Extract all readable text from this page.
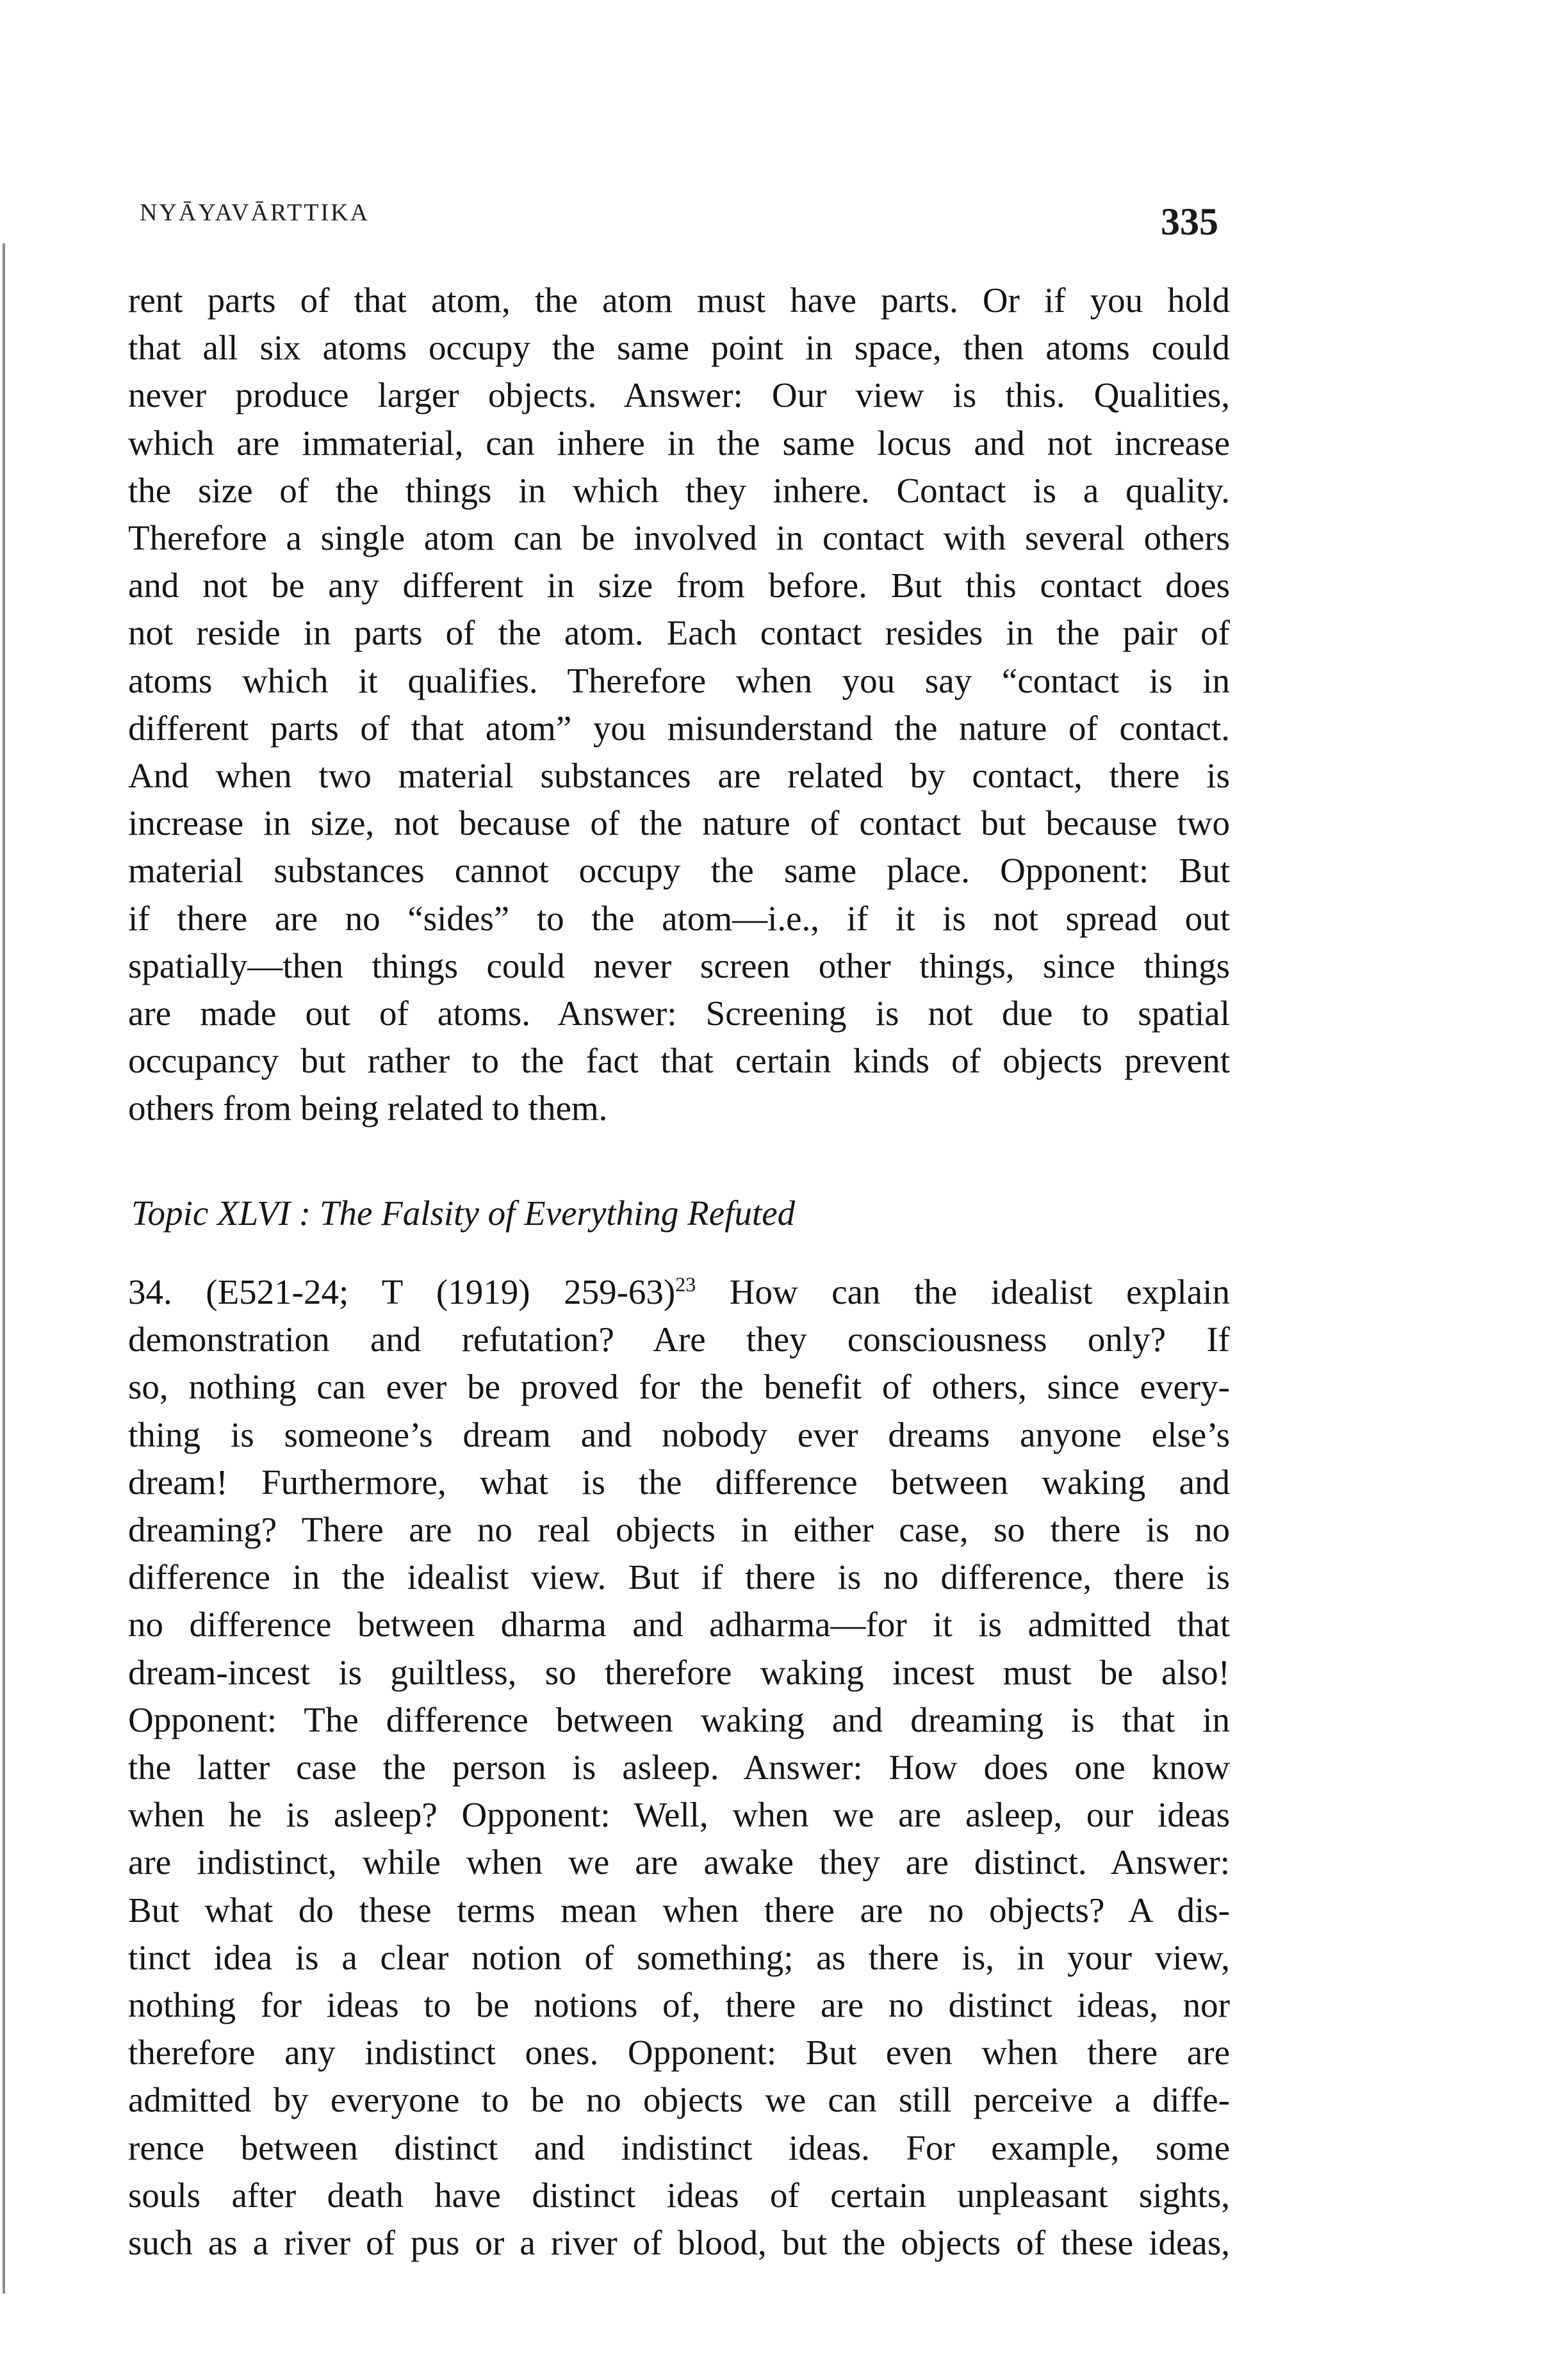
NYĀYAVĀRTTIKA	335
rent parts of that atom, the atom must have parts. Or if you hold
that all six atoms occupy the same point in space, then atoms could
never produce larger objects. Answer: Our view is this. Qualities,
which are immaterial, can inhere in the same locus and not increase
the size of the things in which they inhere. Contact is a quality.
Therefore a single atom can be involved in contact with several others
and not be any different in size from before. But this contact does
not reside in parts of the atom. Each contact resides in the pair of
atoms which it qualifies. Therefore when you say “contact is in
different parts of that atom” you misunderstand the nature of contact.
And when two material substances are related by contact, there is
increase in size, not because of the nature of contact but because two
material substances cannot occupy the same place. Opponent: But
if there are no “sides” to the atom—i.e., if it is not spread out
spatially—then things could never screen other things, since things
are made out of atoms. Answer: Screening is not due to spatial
occupancy but rather to the fact that certain kinds of objects prevent
others from being related to them.
Topic XLVI : The Falsity of Everything Refuted
34. (E521-24; T (1919) 259-63)$^{23}$ How can the idealist explain
demonstration and refutation? Are they consciousness only? If
so, nothing can ever be proved for the benefit of others, since every-
thing is someone’s dream and nobody ever dreams anyone else’s
dream! Furthermore, what is the difference between waking and
dreaming? There are no real objects in either case, so there is no
difference in the idealist view. But if there is no difference, there is
no difference between dharma and adharma—for it is admitted that
dream-incest is guiltless, so therefore waking incest must be also!
Opponent: The difference between waking and dreaming is that in
the latter case the person is asleep. Answer: How does one know
when he is asleep? Opponent: Well, when we are asleep, our ideas
are indistinct, while when we are awake they are distinct. Answer:
But what do these terms mean when there are no objects? A dis-
tinct idea is a clear notion of something; as there is, in your view,
nothing for ideas to be notions of, there are no distinct ideas, nor
therefore any indistinct ones. Opponent: But even when there are
admitted by everyone to be no objects we can still perceive a diffe-
rence between distinct and indistinct ideas. For example, some
souls after death have distinct ideas of certain unpleasant sights,
such as a river of pus or a river of blood, but the objects of these ideas,
